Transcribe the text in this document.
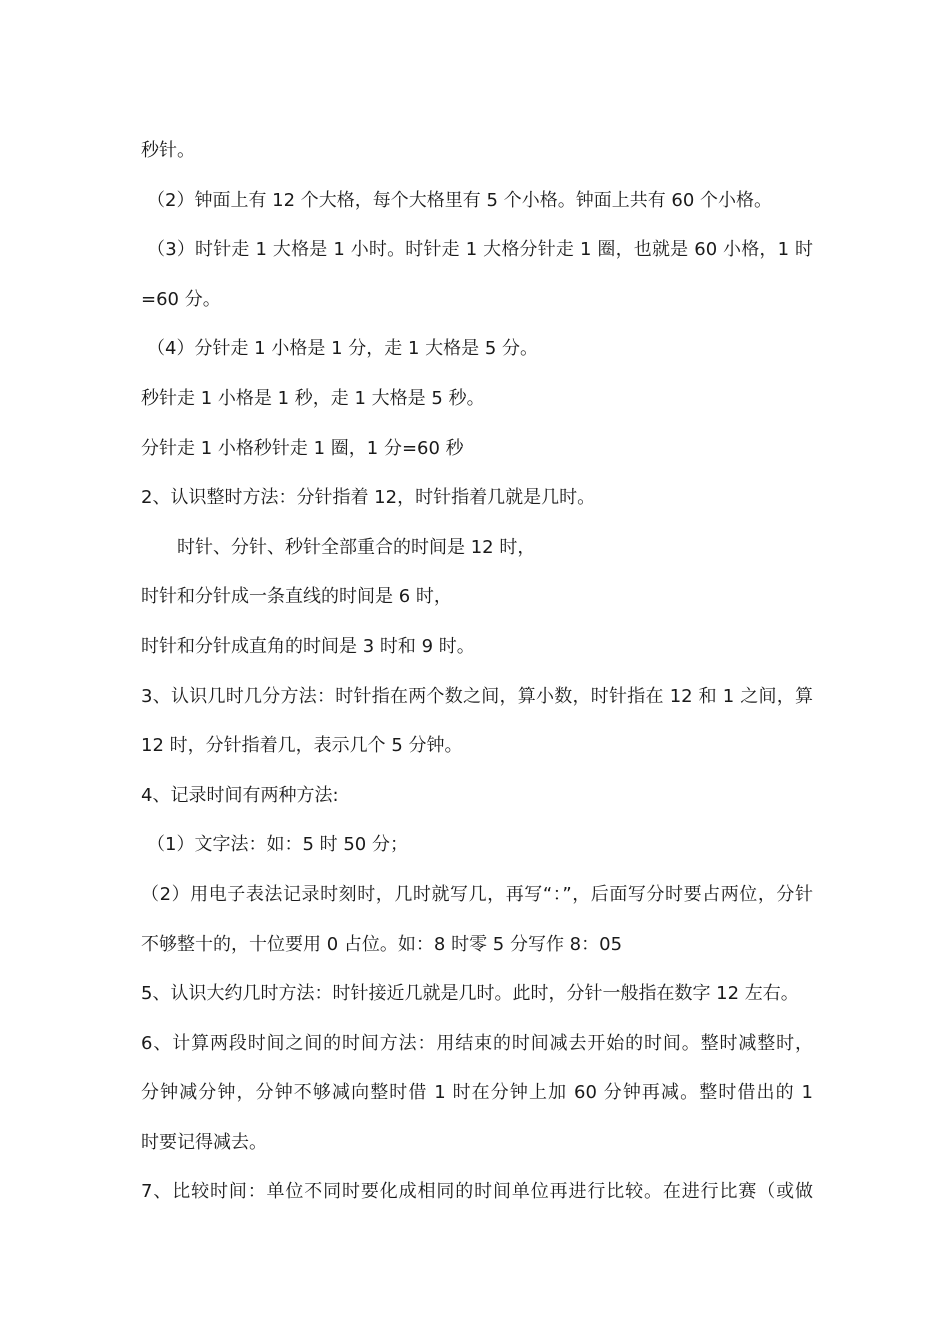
秒针。
（2）钟面上有 12 个大格，每个大格里有 5 个小格。钟面上共有 60 个小格。
（3）时针走 1 大格是 1 小时。时针走 1 大格分针走 1 圈，也就是 60 小格，1 时
=60 分。
（4）分针走 1 小格是 1 分，走 1 大格是 5 分。
秒针走 1 小格是 1 秒，走 1 大格是 5 秒。
分针走 1 小格秒针走 1 圈，1 分=60 秒
2、认识整时方法：分针指着 12，时针指着几就是几时。
时针、分针、秒针全部重合的时间是 12 时，
时针和分针成一条直线的时间是 6 时，
时针和分针成直角的时间是 3 时和 9 时。
3、认识几时几分方法：时针指在两个数之间，算小数，时针指在 12 和 1 之间，算
12 时，分针指着几，表示几个 5 分钟。
4、记录时间有两种方法:
（1）文字法：如：5 时 50 分；
（2）用电子表法记录时刻时，几时就写几，再写“：”，后面写分时要占两位，分针
不够整十的，十位要用 0 占位。如：8 时零 5 分写作 8：05
5、认识大约几时方法：时针接近几就是几时。此时，分针一般指在数字 12 左右。
6、计算两段时间之间的时间方法：用结束的时间减去开始的时间。整时减整时，
分钟减分钟，分钟不够减向整时借 1 时在分钟上加 60 分钟再减。整时借出的 1
时要记得减去。
7、比较时间：单位不同时要化成相同的时间单位再进行比较。在进行比赛（或做
